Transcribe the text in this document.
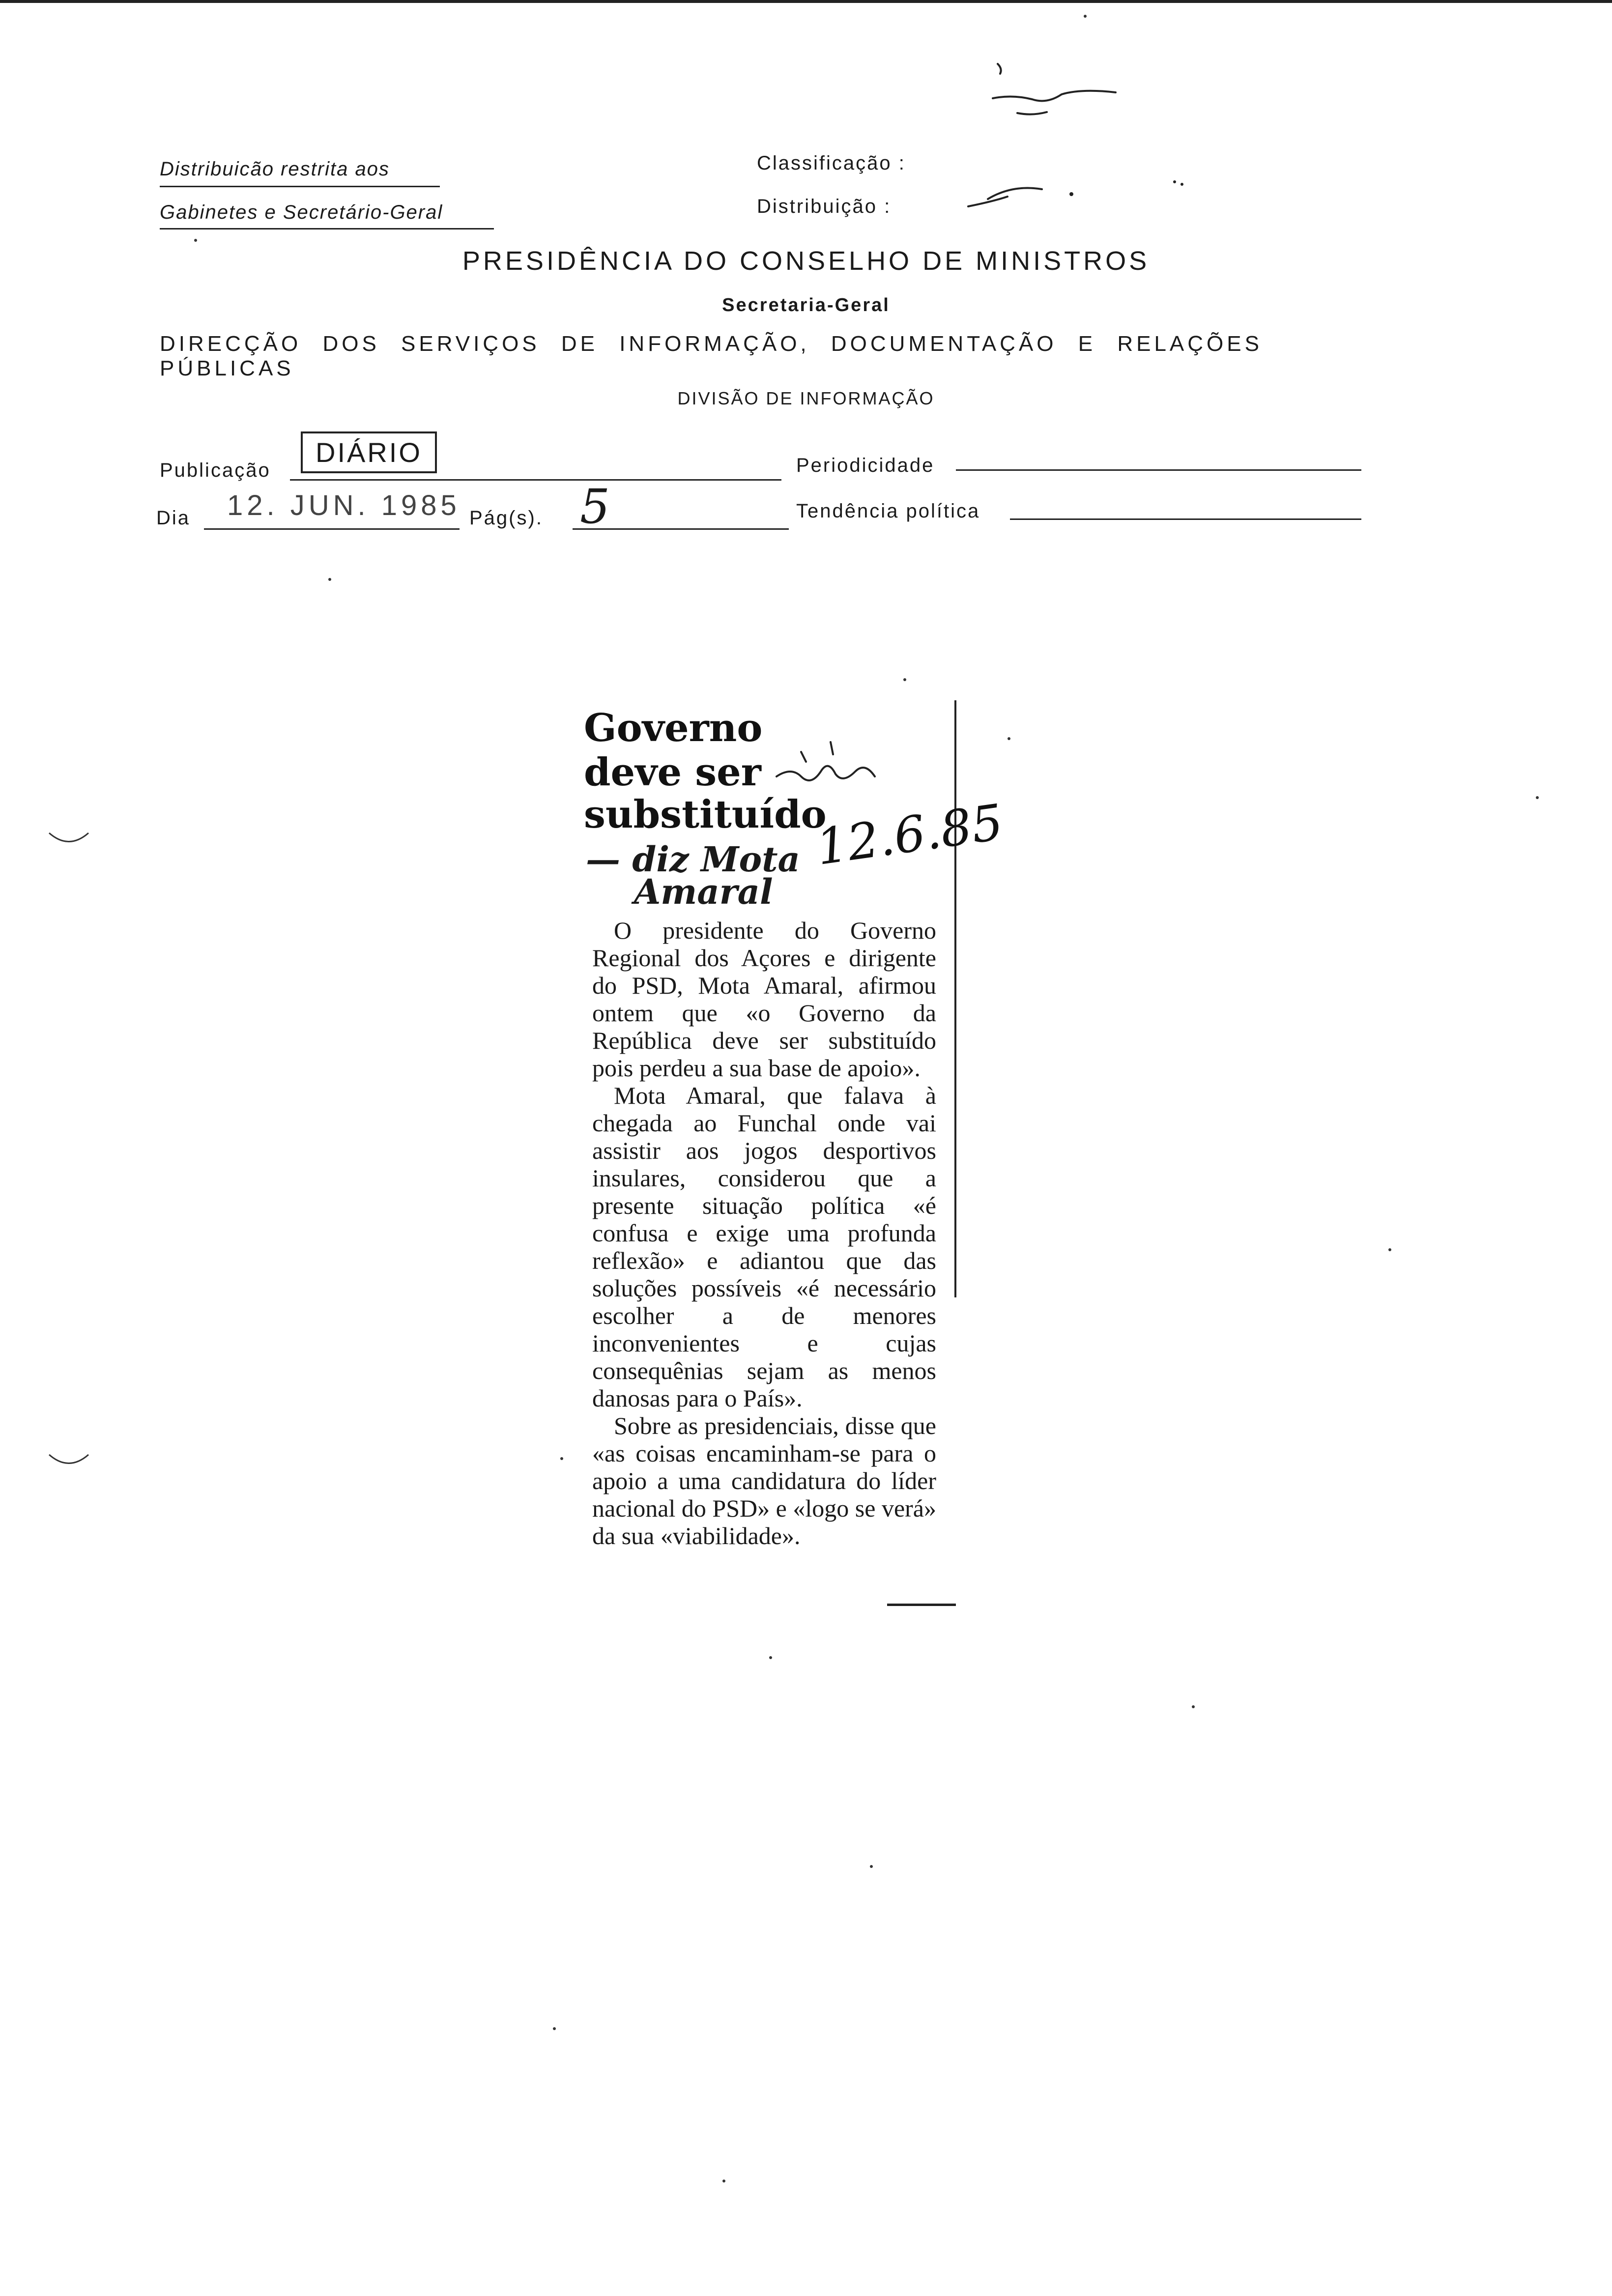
Distribuicão restrita aos
Gabinetes e Secretário-Geral
Classificação :
Distribuição :
PRESIDÊNCIA DO CONSELHO DE MINISTROS
Secretaria-Geral
DIRECÇÃO DOS SERVIÇOS DE INFORMAÇÃO, DOCUMENTAÇÃO E RELAÇÕES PÚBLICAS
DIVISÃO DE INFORMAÇÃO
Publicação
DIÁRIO	Periodicidade
Dia 12. JUN. 1985 Pág(s). 5	Tendência política
Governo
deve ser
substituído
— diz Mota
Amaral
12.6.85

O presidente do Governo Regional dos Açores e dirigente do PSD, Mota Amaral, afirmou ontem que «o Governo da República deve ser substituído pois perdeu a sua base de apoio».

Mota Amaral, que falava à chegada ao Funchal onde vai assistir aos jogos desportivos insulares, considerou que a presente situação política «é confusa e exige uma profunda reflexão» e adiantou que das soluções possíveis «é necessário escolher a de menores inconvenientes e cujas consequênias sejam as menos danosas para o País».

Sobre as presidenciais, disse que «as coisas encaminham-se para o apoio a uma candidatura do líder nacional do PSD» e «logo se verá» da sua «viabilidade».
